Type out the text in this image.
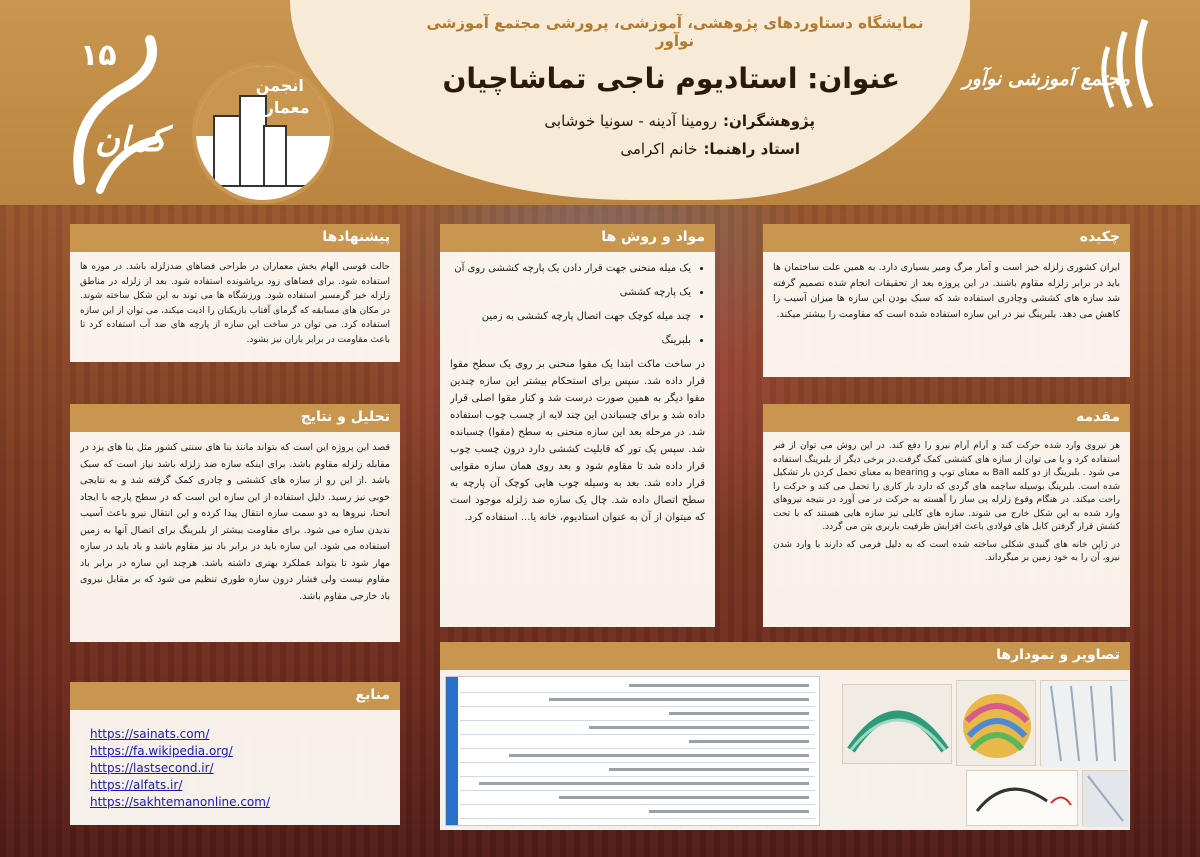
نمایشگاه دستاوردهای پژوهشی، آموزشی، پرورشی مجتمع آموزشی نوآور
عنوان: استادیوم ناجی تماشاچیان
پژوهشگران:رومینا آدینه - سونیا خوشابی
استاد راهنما:خانم اکرامی
۱۵
کمان
انجمن
معماری
مجتمع آموزشی نوآور
چکیده

ایران کشوری زلزله خیز است و آمار مرگ ومیر بسیاری دارد. به همین علت ساختمان ها باید در برابر زلزله مقاوم باشند. در این پروژه بعد از تحقیقات انجام شده تصمیم گرفته شد سازه های کششی وچادری استفاده شد که سبک بودن این سازه ها میزان آسیب را کاهش می دهد. بلبرینگ نیز در این سازه استفاده شده است که مقاومت را بیشتر میکند.

مقدمه

هر نیروی وارد شده حرکت کند و آرام آرام نیرو را دفع کند. در این روش می توان از فنر استفاده کرد و یا می توان از سازه های کششی کمک گرفت.در برخی دیگر از بلبرینگ استفاده می شود . بلبرینگ از دو کلمه Ball به معنای توپ و bearing به معنای تحمل کردن بار تشکیل شده است. بلبرینگ بوسیله ساچمه های گردی که دارد بار کاری را تحمل می کند و حرکت را راحت میکند. در هنگام وقوع زلزله پی ساز را آهسته به حرکت در می آورد در نتیجه نیروهای وارد شده به این شکل خارج می شوند. سازه های کابلی نیز سازه هایی هستند که با تحت کشش قرار گرفتن کابل های فولادی باعث افزایش ظرفیت باربری بتن می گردد.

در ژاپن خانه های گنبدی شکلی ساخته شده است که به دلیل فرمی که دارند با وارد شدن نیرو، آن را به خود زمین بر میگرداند.

مواد و روش ها
• یک میله منحنی جهت قرار دادن یک پارچه کششی روی آن
• یک پارچه کششی
• چند میله کوچک جهت اتصال پارچه کششی به زمین
• بلبرینگ

در ساخت ماکت ابتدا یک مقوا منحنی بر روی یک سطح مقوا قرار داده شد. سپس برای استحکام بیشتر این سازه چندین مقوا دیگر به همین صورت درست شد و کنار مقوا اصلی قرار داده شد و برای چسباندن این چند لایه از چسب چوب استفاده شد. در مرحله بعد این سازه منحنی به سطح (مقوا) چسبانده شد. سپس یک تور که قابلیت کششی دارد درون چسب چوب قرار داده شد تا مقاوم شود و بعد روی همان سازه مقوایی قرار داده شد. بعد به وسیله چوب هایی کوچک آن پارچه به سطح اتصال داده شد. چال یک سازه ضد زلزله موجود است که میتوان از آن به عنوان استادیوم، خانه یا... استفاده کرد.

پیشنهادها

حالت قوسی الهام بخش معماران در طراحی فضاهای ضدزلزله باشد. در موزه ها استفاده شود. برای فضاهای زود برپاشونده استفاده شود. بعد از زلزله در مناطق زلزله خیز گرمسیر استفاده شود. ورزشگاه ها می توند به این شکل ساخته شوند. در مکان های مسابقه که گرمای آفتاب بازیکنان را اذیت میکند، می توان از این سازه استفاده کرد. می توان در ساخت این سازه از پارچه های ضد آب استفاده کرد تا باعث مقاومت در برابر باران نیز بشود.

تحلیل و نتایج

قصد این پروژه این است که بتواند مانند بنا های سنتی کشور مثل بنا های یزد در مقابله زلزله مقاوم باشد. برای اینکه سازه ضد زلزله باشد نیاز است که سبک باشد .از این رو از سازه های کششی و چادری کمک گرفته شد و به نتایجی خوبی نیز رسید. دلیل استفاده از این سازه این است که در سطح پارچه با ایجاد انحنا، نیروها به دو سمت سازه انتقال پیدا کرده و این انتقال نیرو باعث آسیب ندیدن سازه می شود. برای مقاومت بیشتر از بلبرینگ برای اتصال آنها به زمین استفاده می شود. این سازه باید در برابر باد نیز مقاوم باشد و باد باید در سازه مهار شود تا بتواند عملکرد بهتری داشته باشد. هرچند این سازه در برابر باد مقاوم نیست ولی فشار درون سازه طوری تنظیم می شود که بر مقابل نیروی باد خارجی مقاوم باشد.

منابع
https://sainats.com/
https://fa.wikipedia.org/
https://lastsecond.ir/
https://alfats.ir/
https://sakhtemanonline.com/
تصاویر و نمودارها
